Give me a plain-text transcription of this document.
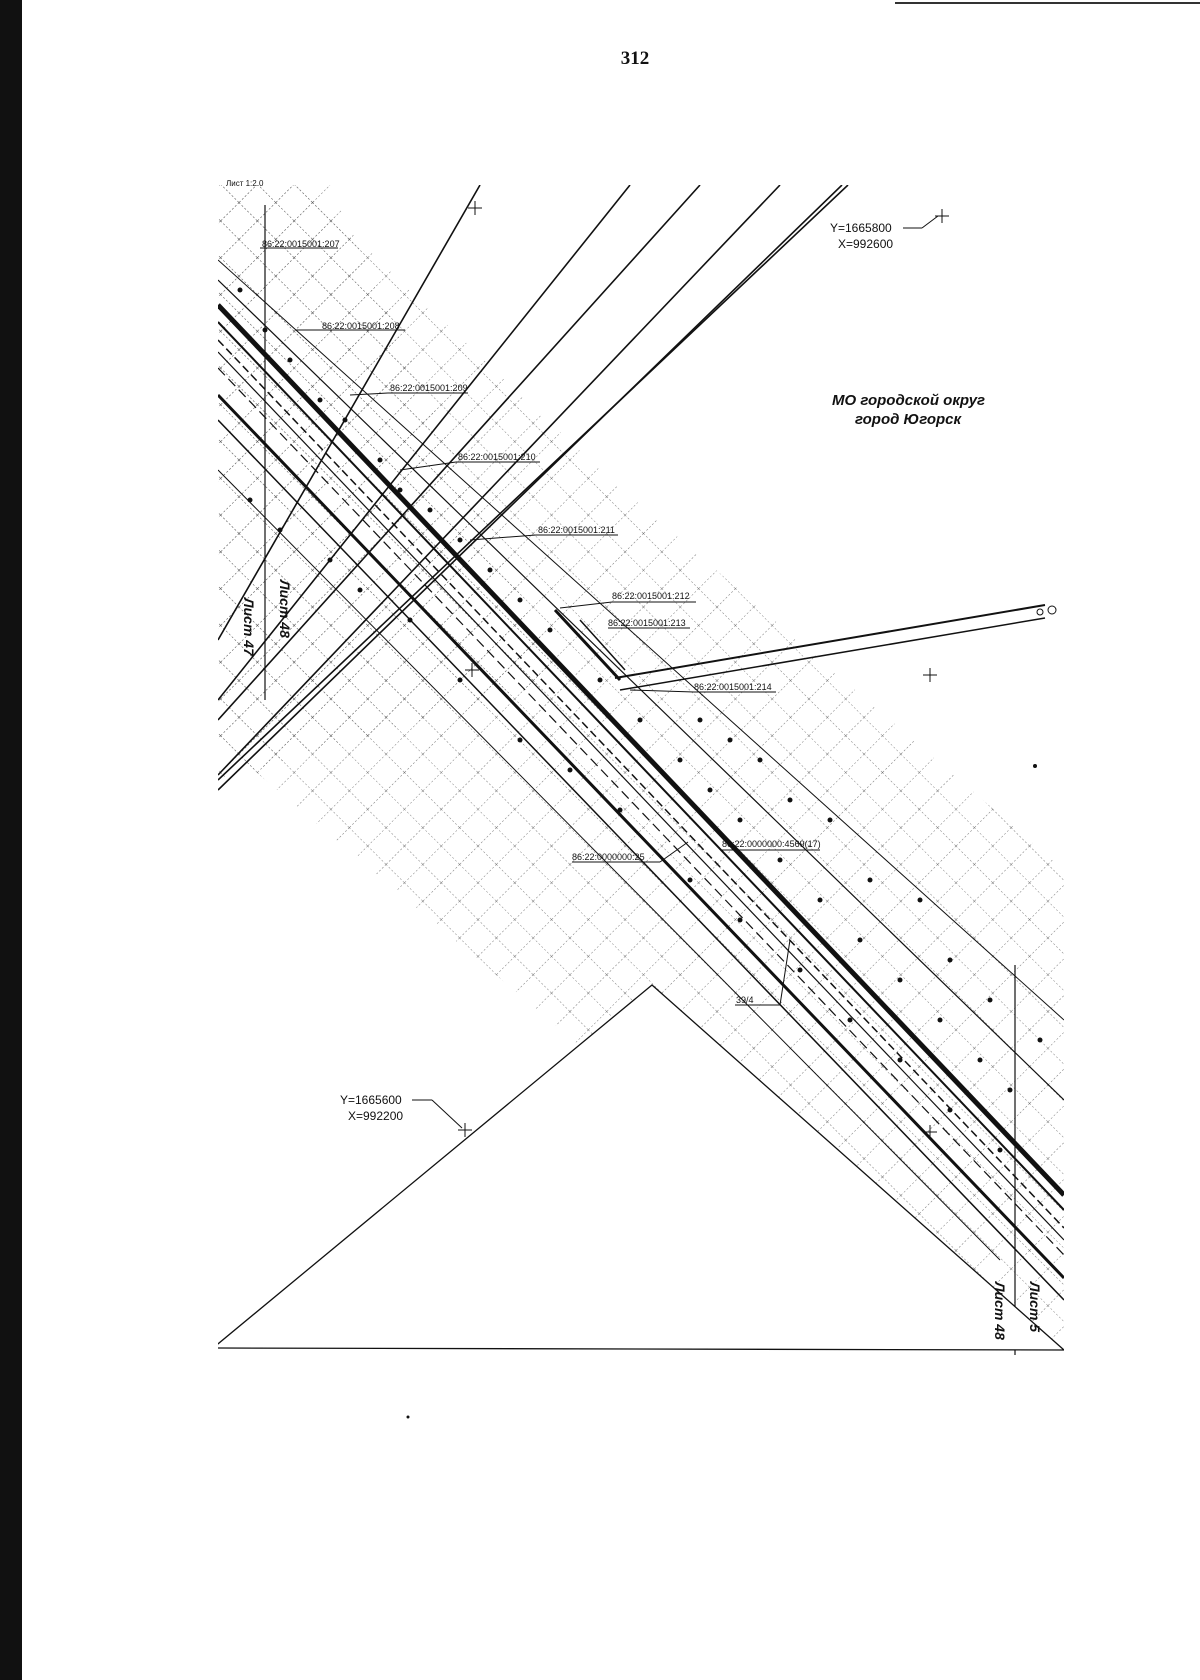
312
86:22:0015001:207
86:22:0015001:208
86:22:0015001:209
86:22:0015001:210
86:22:0015001:211
86:22:0015001:212
86:22:0015001:213
86:22:0015001:214
86:22:0000000:25
86:22:0000000:4569(17)
39/4
Лист 1:2.0
Y=1665800
X=992600
Y=1665600
X=992200
МО городской округ
город Югорск
Лист 47 Лист 48
Лист 48 Лист 5
